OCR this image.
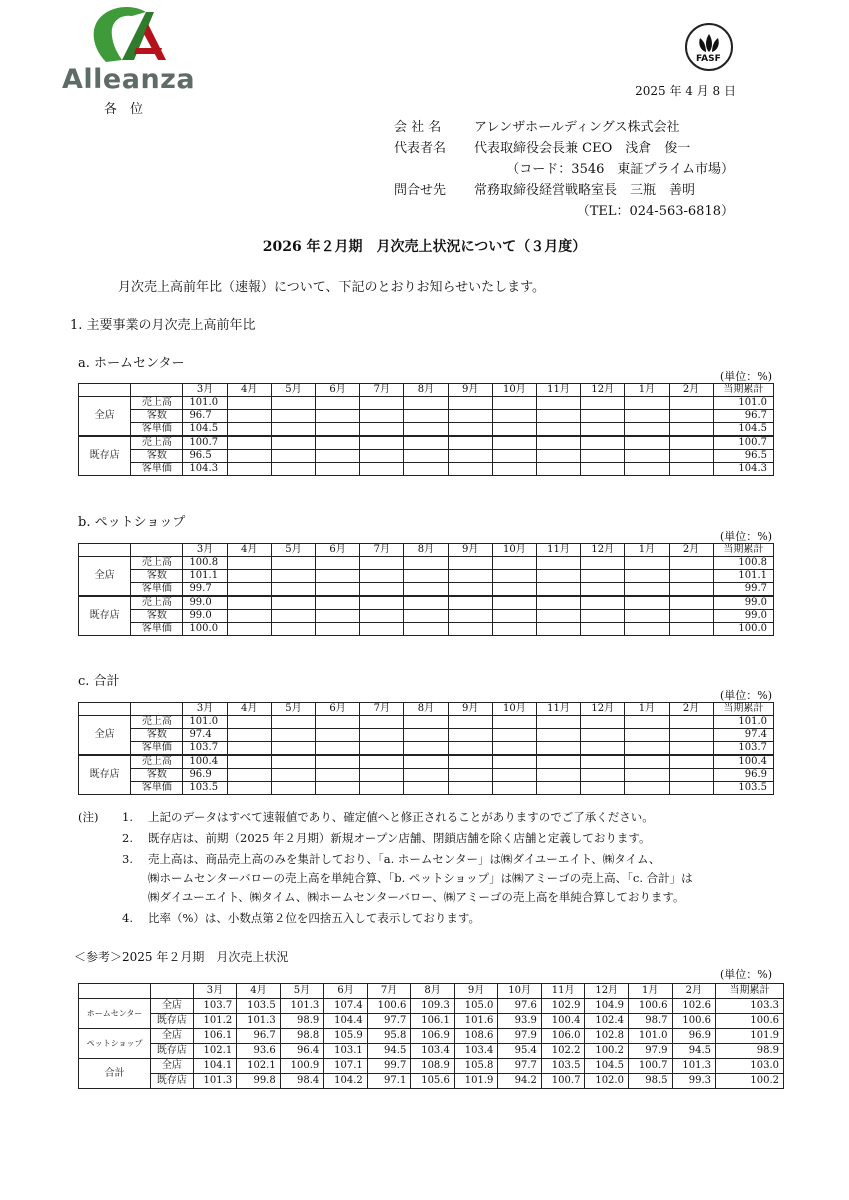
Alleanza
各　位
FASF
2025 年 4 月 8 日
会 社 名	アレンザホールディングス株式会社
代表者名 代表取締役会長兼 CEO　浅倉　俊一
（コード：3546　東証プライム市場）
問合せ先 常務取締役経営戦略室長　三瓶　善明
（TEL：024-563-6818）
2026 年２月期　月次売上状況について（３月度）
月次売上高前年比（速報）について、下記のとおりお知らせいたします。
1. 主要事業の月次売上高前年比
a. ホームセンター
(単位：%)
		3月	4月	5月	6月	7月	8月	9月	10月	11月	12月	1月	2月	当期累計
全店	売上高	101.0												101.0
	客数	96.7												96.7
	客単価	104.5												104.5
既存店	売上高	100.7												100.7
	客数	96.5												96.5
	客単価	104.3												104.3
b. ペットショップ
(単位：%)
		3月	4月	5月	6月	7月	8月	9月	10月	11月	12月	1月	2月	当期累計
全店	売上高	100.8												100.8
	客数	101.1												101.1
	客単価	99.7												99.7
既存店	売上高	99.0												99.0
	客数	99.0												99.0
	客単価	100.0												100.0
c. 合計
(単位：%)
		3月	4月	5月	6月	7月	8月	9月	10月	11月	12月	1月	2月	当期累計
全店	売上高	101.0												101.0
	客数	97.4												97.4
	客単価	103.7												103.7
既存店	売上高	100.4												100.4
	客数	96.9												96.9
	客単価	103.5												103.5
(注) 1. 上記のデータはすべて速報値であり、確定値へと修正されることがありますのでご了承ください。
2. 既存店は、前期（2025 年２月期）新規オープン店舗、閉鎖店舗を除く店舗と定義しております。
3. 売上高は、商品売上高のみを集計しており、「a. ホームセンター」は㈱ダイユーエイト、㈱タイム、
㈱ホームセンターバローの売上高を単純合算、「b. ペットショップ」は㈱アミーゴの売上高、「c. 合計」は
㈱ダイユーエイト、㈱タイム、㈱ホームセンターバロー、㈱アミーゴの売上高を単純合算しております。
4. 比率（%）は、小数点第２位を四捨五入して表示しております。
＜参考＞2025 年２月期　月次売上状況
(単位：%)
		3月	4月	5月	6月	7月	8月	9月	10月	11月	12月	1月	2月	当期累計
ホームセンター	全店	103.7	103.5	101.3	107.4	100.6	109.3	105.0	97.6	102.9	104.9	100.6	102.6	103.3
	既存店	101.2	101.3	98.9	104.4	97.7	106.1	101.6	93.9	100.4	102.4	98.7	100.6	100.6
ペットショップ	全店	106.1	96.7	98.8	105.9	95.8	106.9	108.6	97.9	106.0	102.8	101.0	96.9	101.9
	既存店	102.1	93.6	96.4	103.1	94.5	103.4	103.4	95.4	102.2	100.2	97.9	94.5	98.9
合計	全店	104.1	102.1	100.9	107.1	99.7	108.9	105.8	97.7	103.5	104.5	100.7	101.3	103.0
	既存店	101.3	99.8	98.4	104.2	97.1	105.6	101.9	94.2	100.7	102.0	98.5	99.3	100.2
